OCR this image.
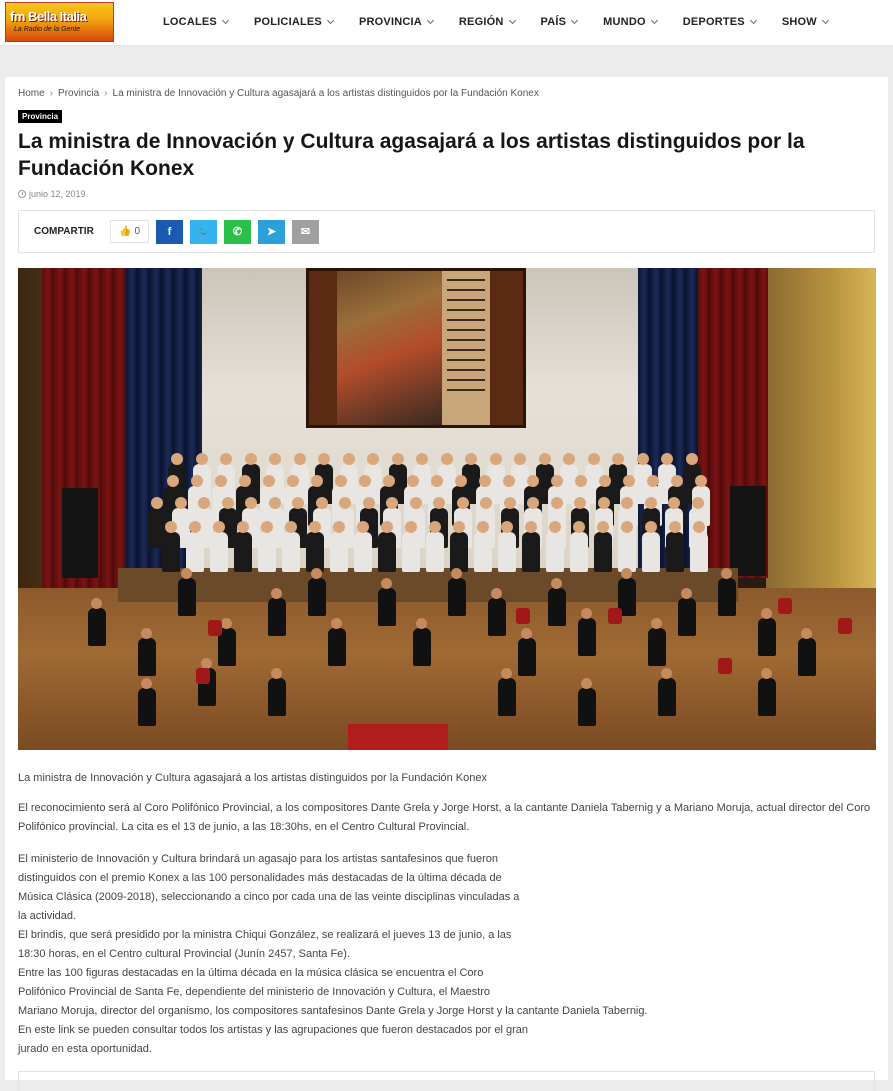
fm Bella Italia
La Radio de la Gente
LOCALES	POLICIALES	PROVINCIA	REGIÓN	PAÍS	MUNDO	DEPORTES	SHOW
Home › Provincia › La ministra de Innovación y Cultura agasajará a los artistas distinguidos por la Fundación Konex
Provincia
La ministra de Innovación y Cultura agasajará a los artistas distinguidos por la Fundación Konex
junio 12, 2019
COMPARTIR	👍 0	f 🐦 ✆ ➤ ✉

La ministra de Innovación y Cultura agasajará a los artistas distinguidos por la Fundación Konex

El reconocimiento será al Coro Polifónico Provincial, a los compositores Dante Grela y Jorge Horst, a la cantante Daniela Tabernig y a Mariano Moruja, actual director del Coro Polifónico provincial. La cita es el 13 de junio, a las 18:30hs, en el Centro Cultural Provincial.

El ministerio de Innovación y Cultura brindará un agasajo para los artistas santafesinos que fueron
distinguidos con el premio Konex a las 100 personalidades más destacadas de la última década de
Música Clásica (2009-2018), seleccionando a cinco por cada una de las veinte disciplinas vinculadas a
la actividad.
El brindis, que será presidido por la ministra Chiqui González, se realizará el jueves 13 de junio, a las
18:30 horas, en el Centro cultural Provincial (Junín 2457, Santa Fe).
Entre las 100 figuras destacadas en la última década en la música clásica se encuentra el Coro
Polifónico Provincial de Santa Fe, dependiente del ministerio de Innovación y Cultura, el Maestro
Mariano Moruja, director del organismo, los compositores santafesinos Dante Grela y Jorge Horst y la cantante Daniela Tabernig.
En este link se pueden consultar todos los artistas y las agrupaciones que fueron destacados por el gran
jurado en esta oportunidad.
